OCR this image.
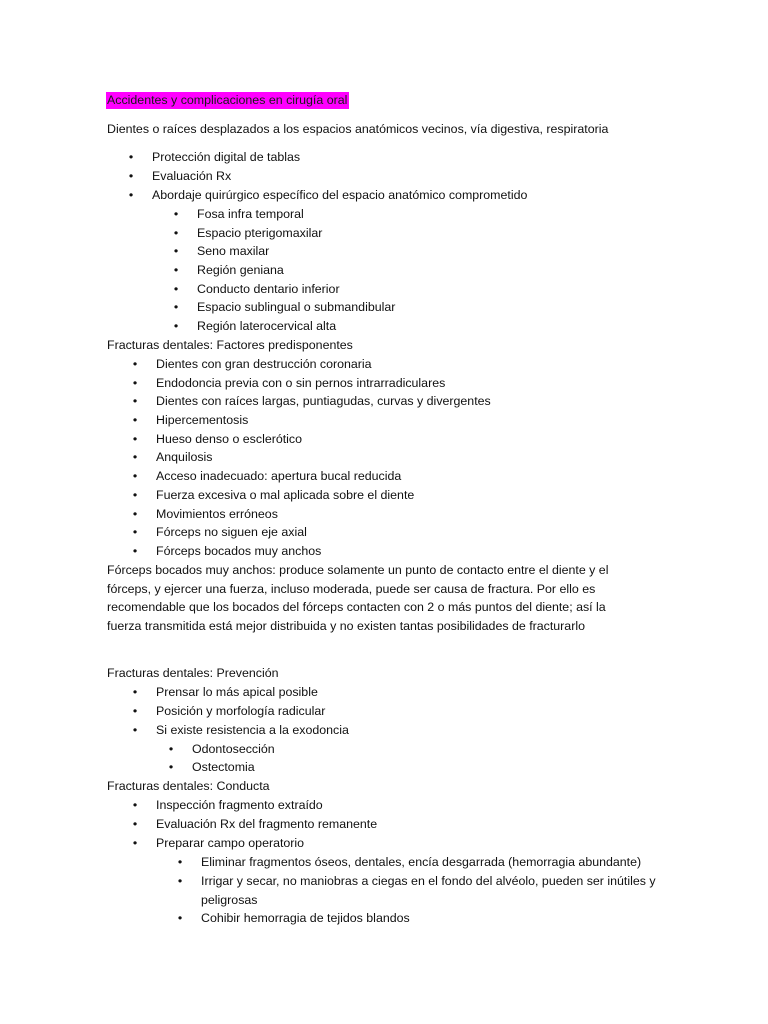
Accidentes y complicaciones en cirugía oral
Dientes o raíces desplazados a los espacios anatómicos vecinos, vía digestiva, respiratoria
• Protección digital de tablas
• Evaluación Rx
• Abordaje quirúrgico específico del espacio anatómico comprometido
• Fosa infra temporal
• Espacio pterigomaxilar
• Seno maxilar
• Región geniana
• Conducto dentario inferior
• Espacio sublingual o submandibular
• Región laterocervical alta
Fracturas dentales: Factores predisponentes
• Dientes con gran destrucción coronaria
• Endodoncia previa con o sin pernos intrarradiculares
• Dientes con raíces largas, puntiagudas, curvas y divergentes
• Hipercementosis
• Hueso denso o esclerótico
• Anquilosis
• Acceso inadecuado: apertura bucal reducida
• Fuerza excesiva o mal aplicada sobre el diente
• Movimientos erróneos
• Fórceps no siguen eje axial
• Fórceps bocados muy anchos
Fórceps bocados muy anchos: produce solamente un punto de contacto entre el diente y el fórceps, y ejercer una fuerza, incluso moderada, puede ser causa de fractura. Por ello es recomendable que los bocados del fórceps contacten con 2 o más puntos del diente; así la fuerza transmitida está mejor distribuida y no existen tantas posibilidades de fracturarlo
Fracturas dentales: Prevención
• Prensar lo más apical posible
• Posición y morfología radicular
• Si existe resistencia a la exodoncia
• Odontosección
• Ostectomia
Fracturas dentales: Conducta
• Inspección fragmento extraído
• Evaluación Rx del fragmento remanente
• Preparar campo operatorio
• Eliminar fragmentos óseos, dentales, encía desgarrada (hemorragia abundante)
• Irrigar y secar, no maniobras a ciegas en el fondo del alvéolo, pueden ser inútiles y peligrosas
• Cohibir hemorragia de tejidos blandos
